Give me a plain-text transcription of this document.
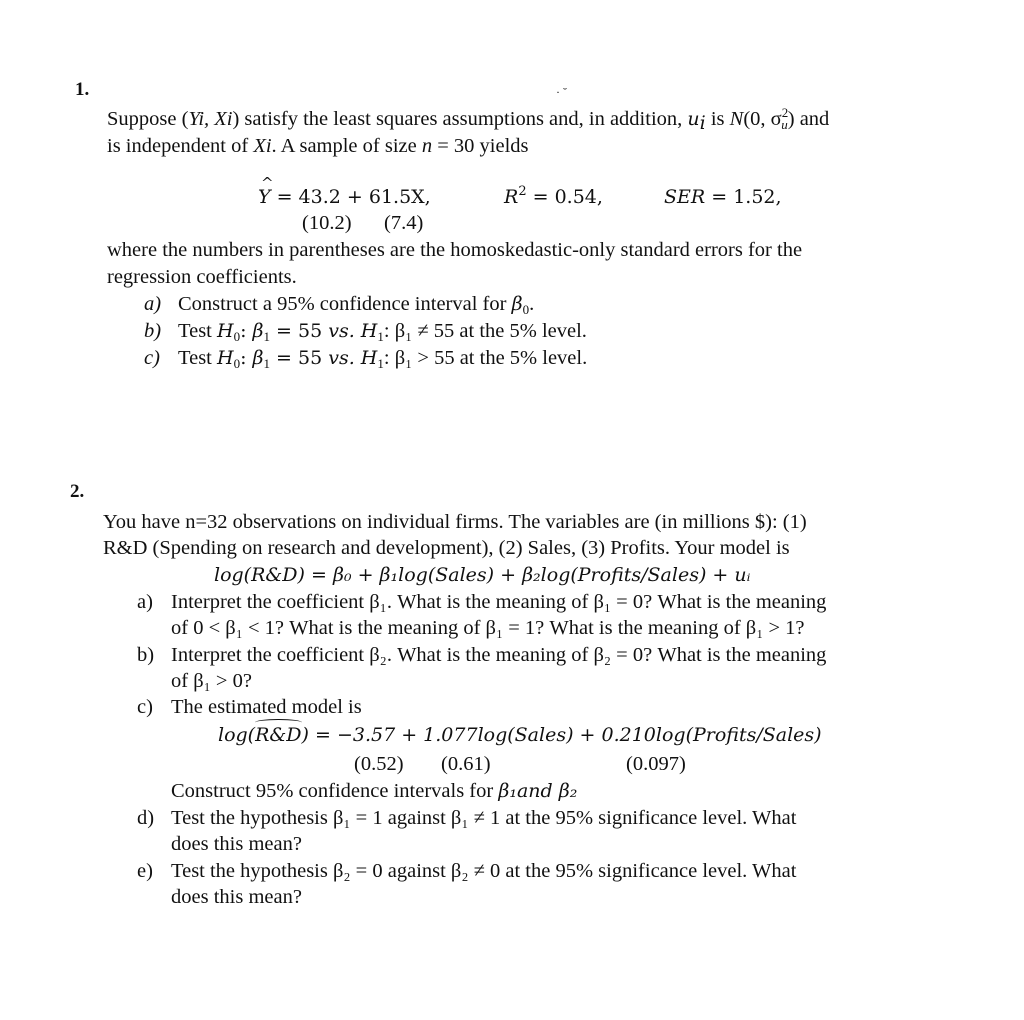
1.	· ˘
Suppose (Yi, Xi) satisfy the least squares assumptions and, in addition, $u_i$ is N(0, $\sigma^2_u$) and
is independent of Xi. A sample of size n = 30 yields
^ Y = 43.2 + 61.5X,	$R^2 = 0.54$,	SER = 1.52,
(10.2) (7.4)
where the numbers in parentheses are the homoskedastic-only standard errors for the
regression coefficients.
a) Construct a 95% confidence interval for $\beta_0$.
b) Test $H_0$: $\beta_1 = 55$ vs. $H_1$: β₁ ≠ 55 at the 5% level.
c) Test $H_0$: $\beta_1 = 55$ vs. $H_1$: β₁ > 55 at the 5% level.
2.
You have n=32 observations on individual firms. The variables are (in millions $): (1)
R&D (Spending on research and development), (2) Sales, (3) Profits. Your model is
log(R&D) = β₀ + β₁log(Sales) + β₂log(Profits/Sales) + uᵢ
a) Interpret the coefficient β₁. What is the meaning of β₁ = 0? What is the meaning
of 0 < β₁ < 1? What is the meaning of β₁ = 1? What is the meaning of β₁ > 1?
b) Interpret the coefficient β₂. What is the meaning of β₂ = 0? What is the meaning
of β₁ > 0?
c) The estimated model is
log(R&D) = −3.57 + 1.077log(Sales) + 0.210log(Profits/Sales)
(0.52) (0.61)	(0.097)
Construct 95% confidence intervals for β₁and β₂
d) Test the hypothesis β₁ = 1 against β₁ ≠ 1 at the 95% significance level. What
does this mean?
e) Test the hypothesis β₂ = 0 against β₂ ≠ 0 at the 95% significance level. What
does this mean?
